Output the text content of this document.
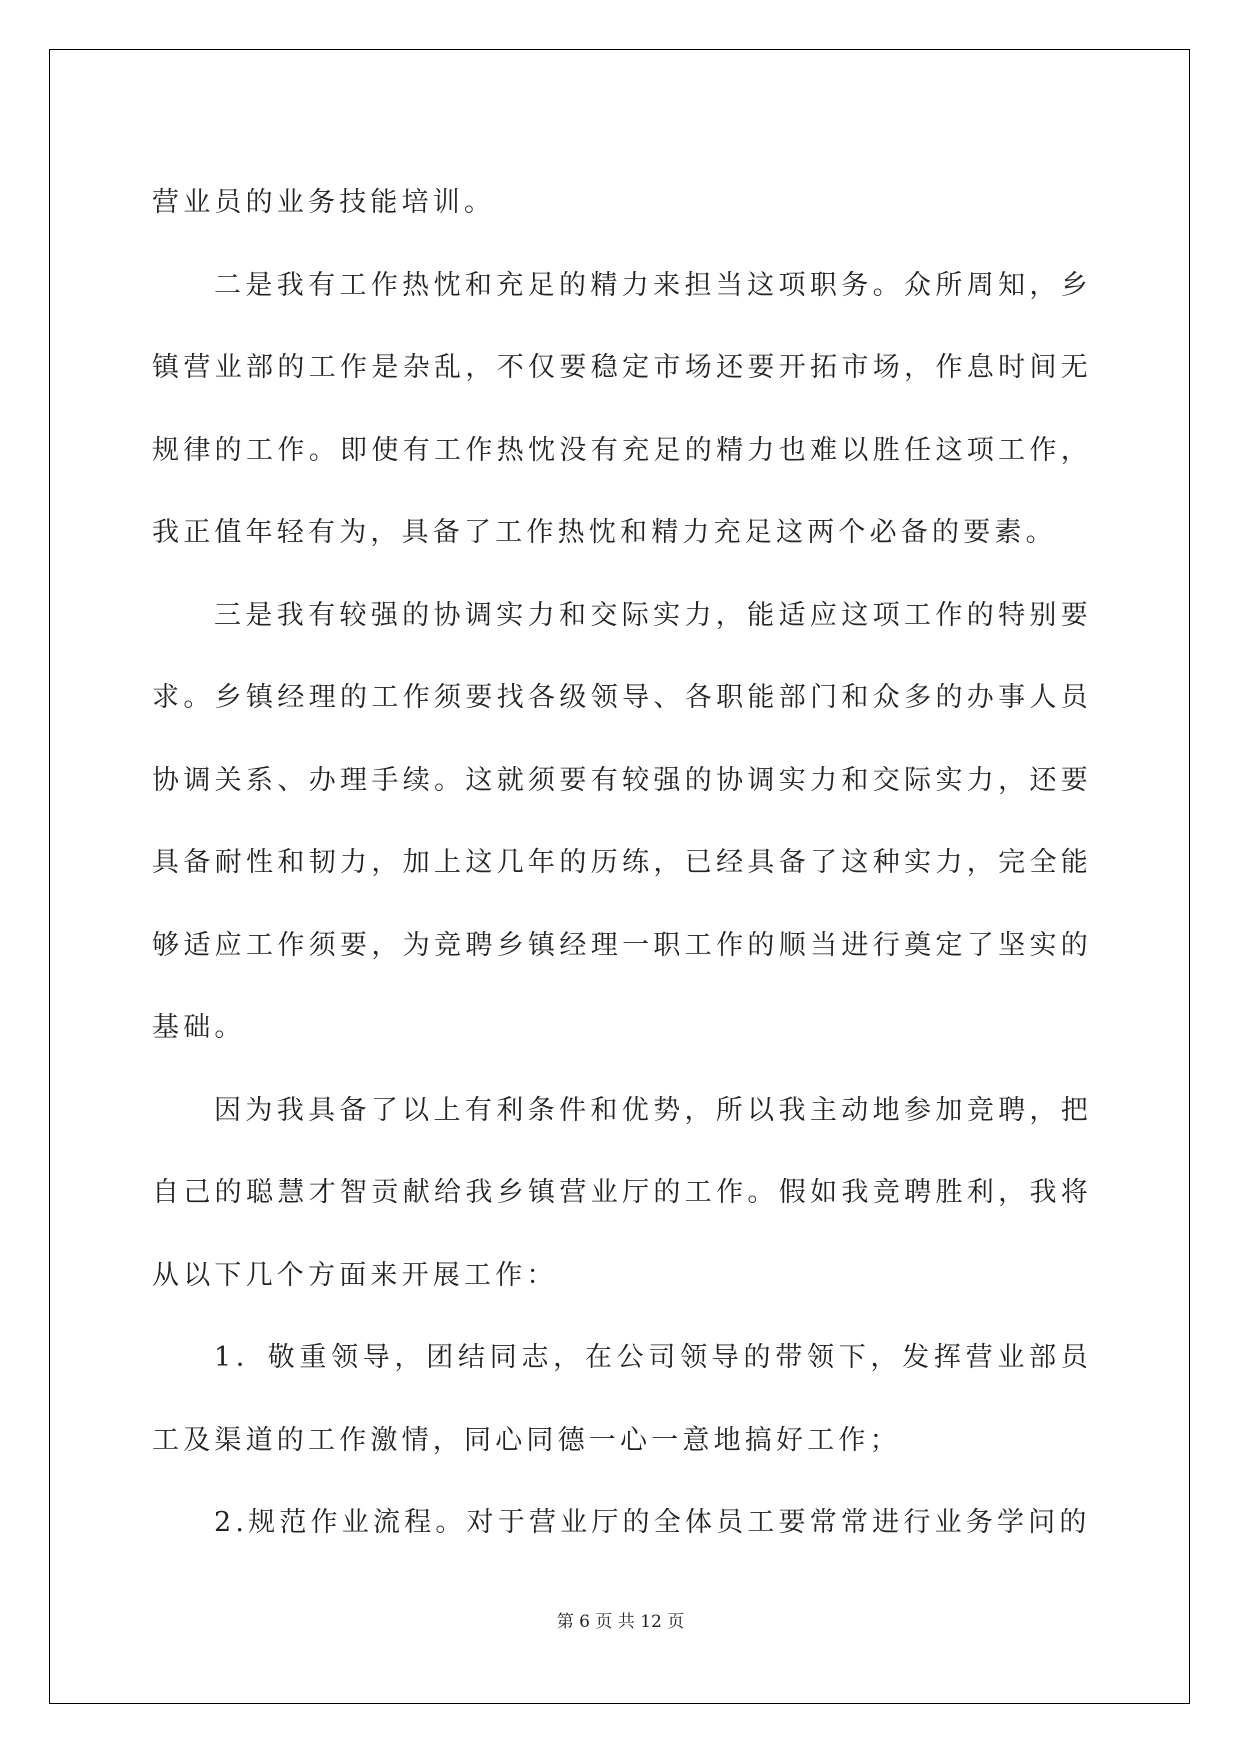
营业员的业务技能培训。

二是我有工作热忱和充足的精力来担当这项职务。众所周知，乡镇营业部的工作是杂乱，不仅要稳定市场还要开拓市场，作息时间无规律的工作。即使有工作热忱没有充足的精力也难以胜任这项工作，我正值年轻有为，具备了工作热忱和精力充足这两个必备的要素。

三是我有较强的协调实力和交际实力，能适应这项工作的特别要求。乡镇经理的工作须要找各级领导、各职能部门和众多的办事人员协调关系、办理手续。这就须要有较强的协调实力和交际实力，还要具备耐性和韧力，加上这几年的历练，已经具备了这种实力，完全能够适应工作须要，为竞聘乡镇经理一职工作的顺当进行奠定了坚实的基础。

因为我具备了以上有利条件和优势，所以我主动地参加竞聘，把自己的聪慧才智贡献给我乡镇营业厅的工作。假如我竞聘胜利，我将从以下几个方面来开展工作：

1．敬重领导，团结同志，在公司领导的带领下，发挥营业部员工及渠道的工作激情，同心同德一心一意地搞好工作；

2.规范作业流程。对于营业厅的全体员工要常常进行业务学问的

第 6 页 共 12 页
